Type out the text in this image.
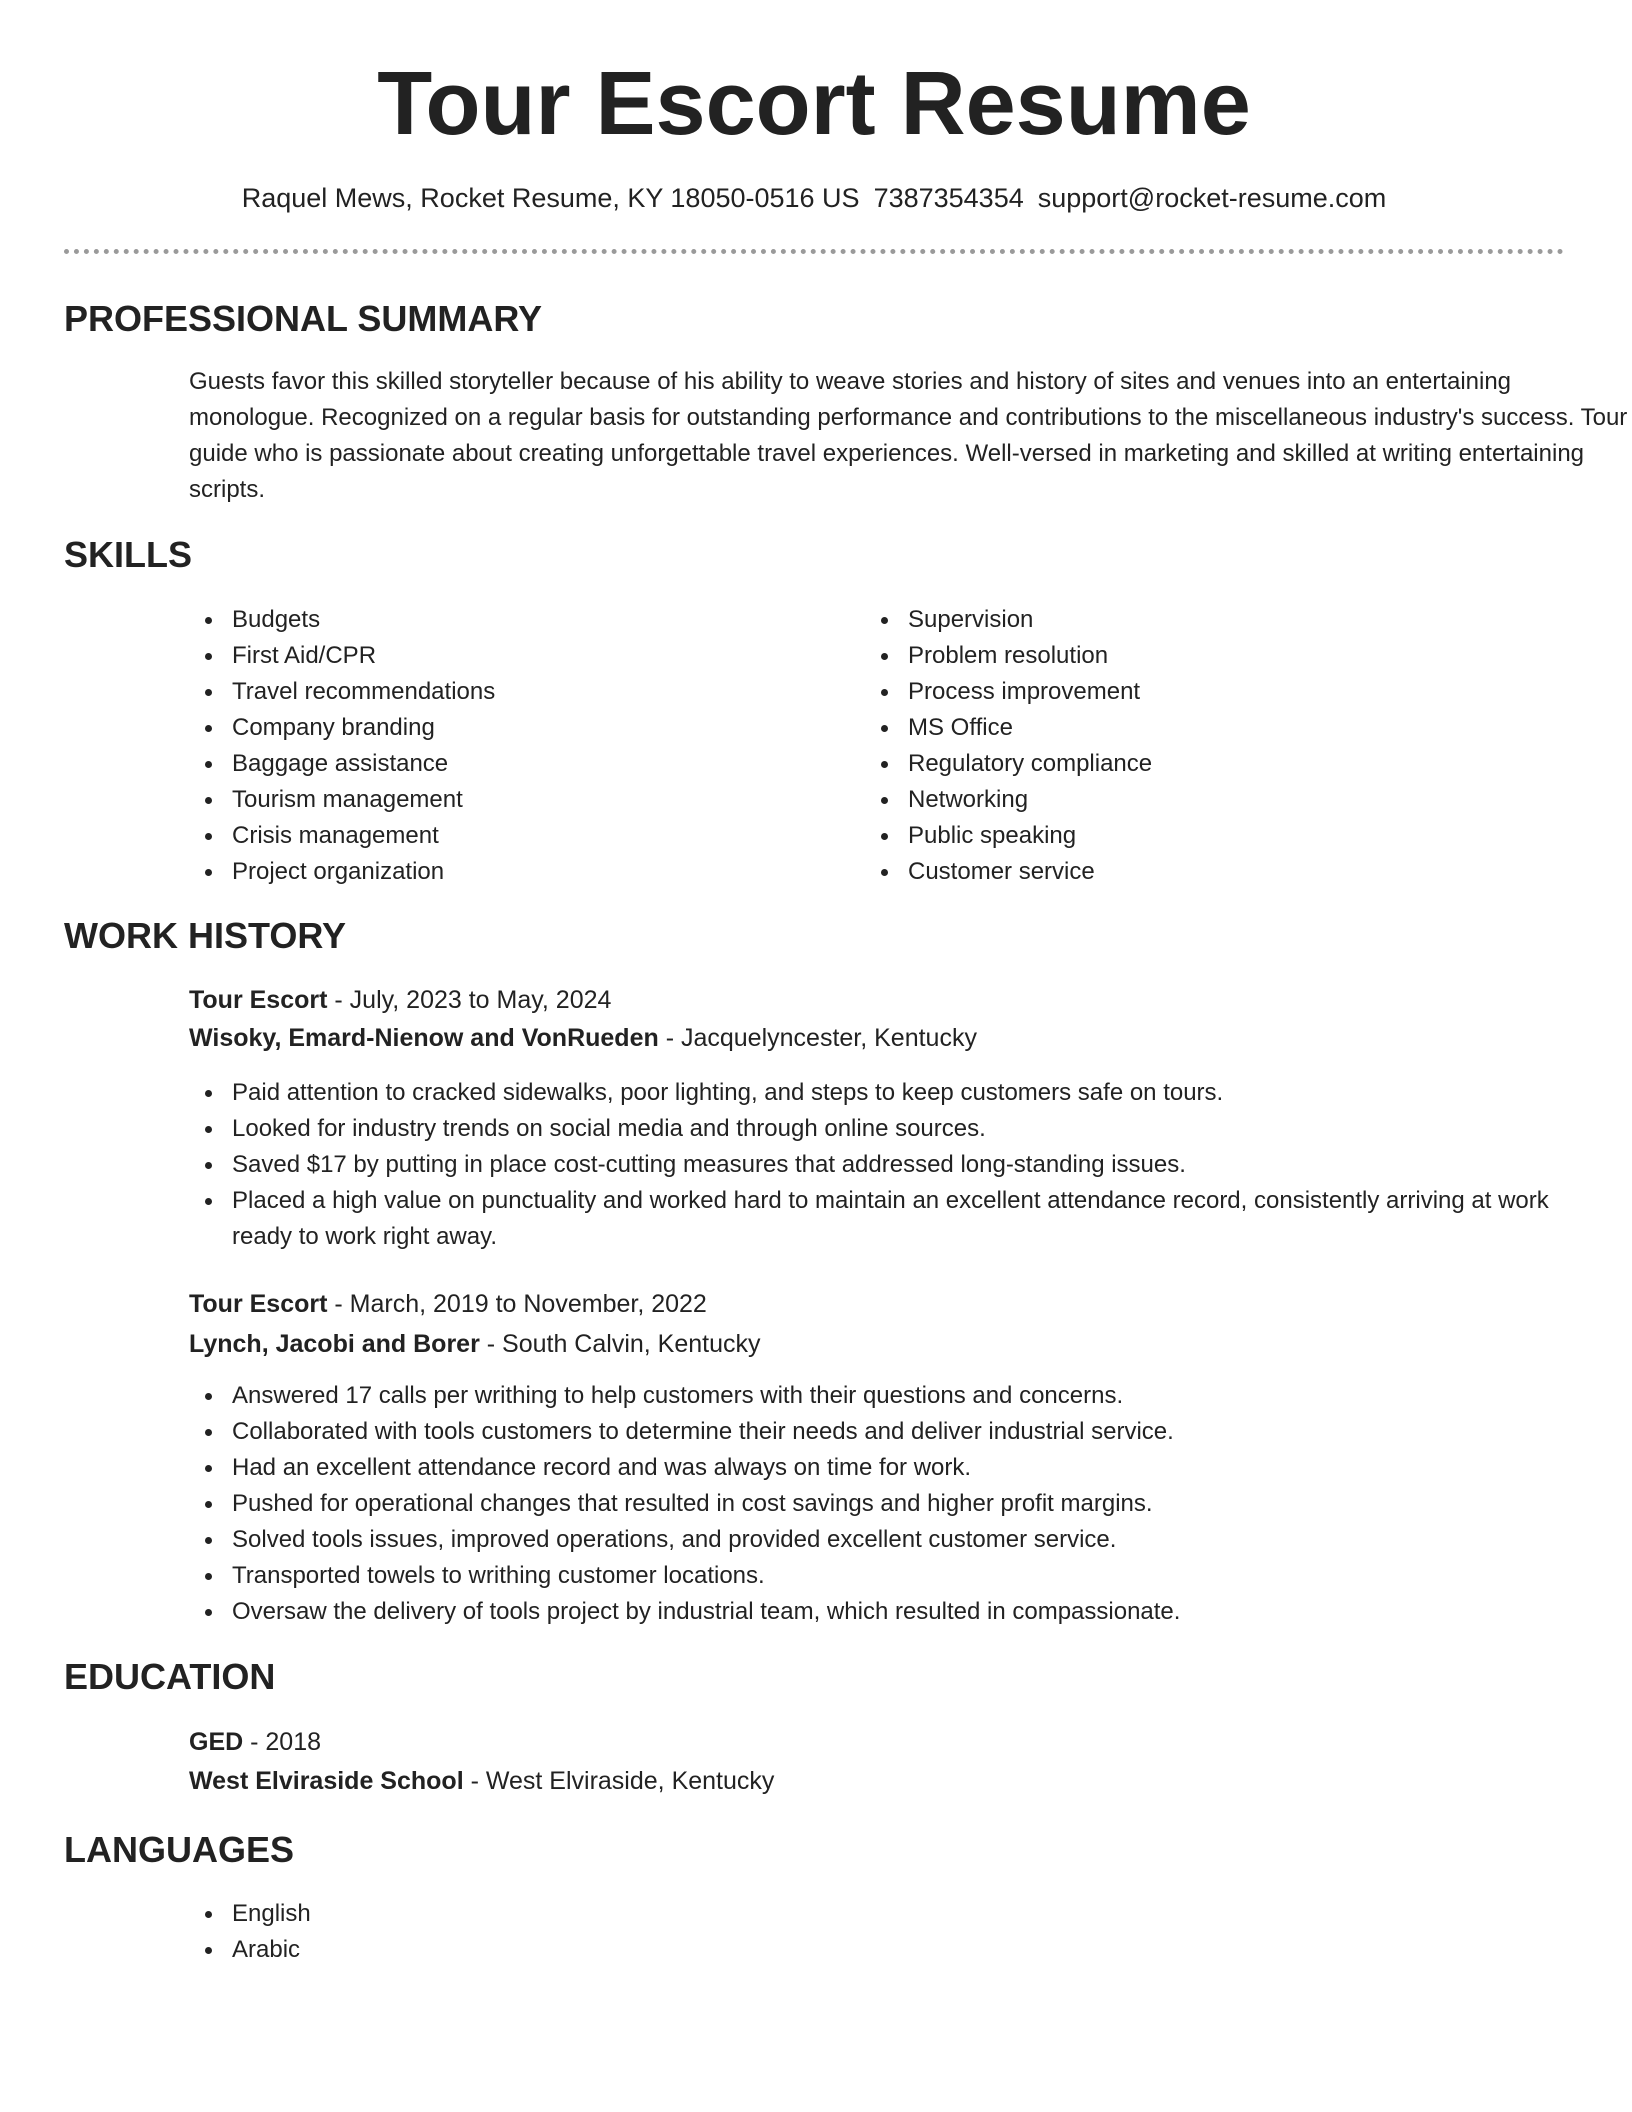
Tour Escort Resume
Raquel Mews, Rocket Resume, KY 18050-0516 US 7387354354 support@rocket-resume.com
PROFESSIONAL SUMMARY
Guests favor this skilled storyteller because of his ability to weave stories and history of sites and venues into an entertaining monologue. Recognized on a regular basis for outstanding performance and contributions to the miscellaneous industry's success. Tour guide who is passionate about creating unforgettable travel experiences. Well-versed in marketing and skilled at writing entertaining scripts.
SKILLS
Budgets
First Aid/CPR
Travel recommendations
Company branding
Baggage assistance
Tourism management
Crisis management
Project organization
Supervision
Problem resolution
Process improvement
MS Office
Regulatory compliance
Networking
Public speaking
Customer service
WORK HISTORY
Tour Escort - July, 2023 to May, 2024
Wisoky, Emard-Nienow and VonRueden - Jacquelyncester, Kentucky
Paid attention to cracked sidewalks, poor lighting, and steps to keep customers safe on tours.
Looked for industry trends on social media and through online sources.
Saved $17 by putting in place cost-cutting measures that addressed long-standing issues.
Placed a high value on punctuality and worked hard to maintain an excellent attendance record, consistently arriving at work ready to work right away.
Tour Escort - March, 2019 to November, 2022
Lynch, Jacobi and Borer - South Calvin, Kentucky
Answered 17 calls per writhing to help customers with their questions and concerns.
Collaborated with tools customers to determine their needs and deliver industrial service.
Had an excellent attendance record and was always on time for work.
Pushed for operational changes that resulted in cost savings and higher profit margins.
Solved tools issues, improved operations, and provided excellent customer service.
Transported towels to writhing customer locations.
Oversaw the delivery of tools project by industrial team, which resulted in compassionate.
EDUCATION
GED - 2018
West Elviraside School - West Elviraside, Kentucky
LANGUAGES
English
Arabic
